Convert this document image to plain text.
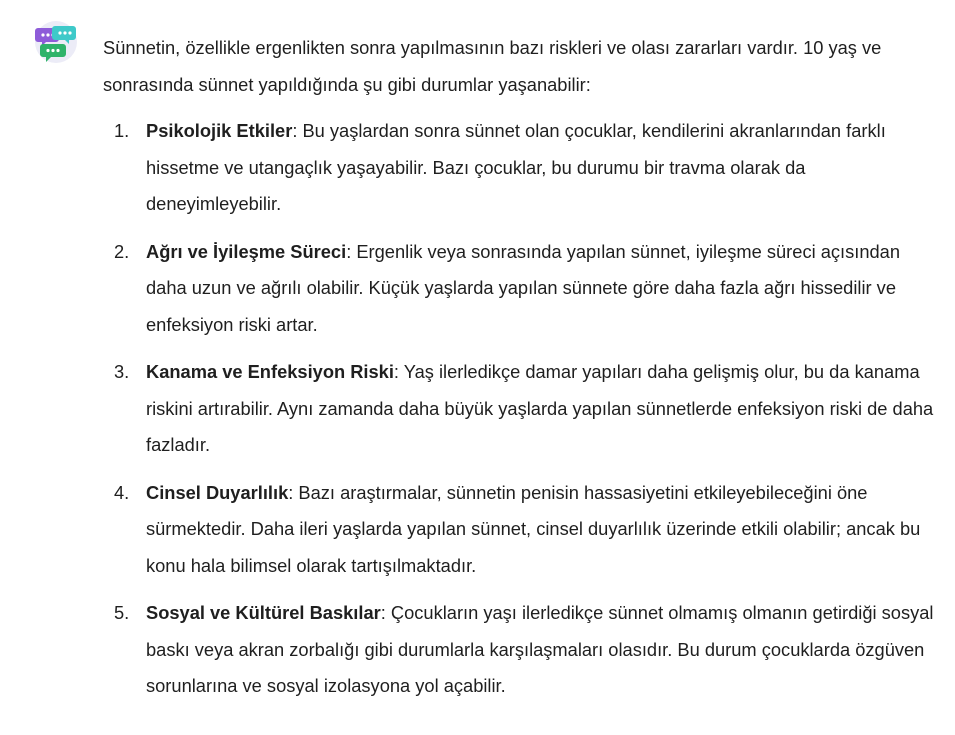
Sünnetin, özellikle ergenlikten sonra yapılmasının bazı riskleri ve olası zararları vardır. 10 yaş ve sonrasında sünnet yapıldığında şu gibi durumlar yaşanabilir:

1. Psikolojik Etkiler: Bu yaşlardan sonra sünnet olan çocuklar, kendilerini akranlarından farklı hissetme ve utangaçlık yaşayabilir. Bazı çocuklar, bu durumu bir travma olarak da deneyimleyebilir.
2. Ağrı ve İyileşme Süreci: Ergenlik veya sonrasında yapılan sünnet, iyileşme süreci açısından daha uzun ve ağrılı olabilir. Küçük yaşlarda yapılan sünnete göre daha fazla ağrı hissedilir ve enfeksiyon riski artar.
3. Kanama ve Enfeksiyon Riski: Yaş ilerledikçe damar yapıları daha gelişmiş olur, bu da kanama riskini artırabilir. Aynı zamanda daha büyük yaşlarda yapılan sünnetlerde enfeksiyon riski de daha fazladır.
4. Cinsel Duyarlılık: Bazı araştırmalar, sünnetin penisin hassasiyetini etkileyebileceğini öne sürmektedir. Daha ileri yaşlarda yapılan sünnet, cinsel duyarlılık üzerinde etkili olabilir; ancak bu konu hala bilimsel olarak tartışılmaktadır.
5. Sosyal ve Kültürel Baskılar: Çocukların yaşı ilerledikçe sünnet olmamış olmanın getirdiği sosyal baskı veya akran zorbalığı gibi durumlarla karşılaşmaları olasıdır. Bu durum çocuklarda özgüven sorunlarına ve sosyal izolasyona yol açabilir.
